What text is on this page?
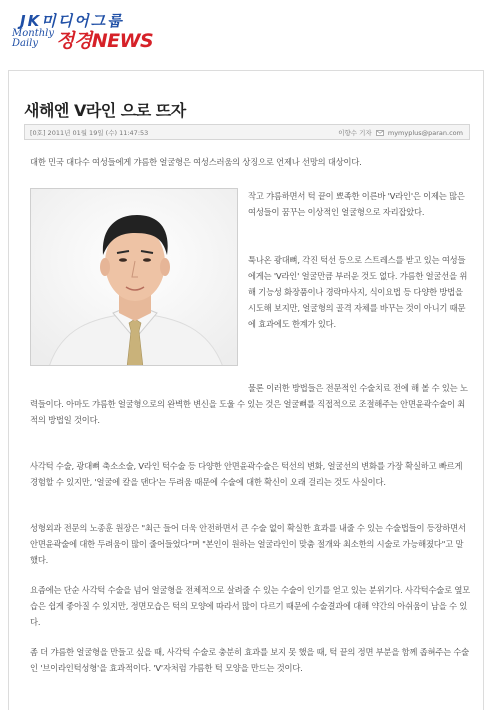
JK미디어그룹
Monthly
Daily 정경NEWS
새해엔 V라인 으로 뜨자
[0호] 2011년 01월 19일 (수) 11:47:53	이향수 기자 mymyplus@paran.com
대한 민국 대다수 여성들에게 갸름한 얼굴형은 여성스러움의 상징으로 언제나 선망의 대상이다.
작고 갸름하면서 턱 끝이 뾰족한 이른바 'V라인'은 이제는 많은 여성들이 꿈꾸는 이상적인 얼굴형으로 자리잡았다.
툭나온 광대뼈, 각진 턱선 등으로 스트레스를 받고 있는 여성들에게는 'V라인' 얼굴만큼 부러운 것도 없다. 갸름한 얼굴선을 위해 기능성 화장품이나 경락마사지, 식이요법 등 다양한 방법을 시도해 보지만, 얼굴형의 골격 자체를 바꾸는 것이 아니기 때문에 효과에도 한계가 있다.
물론 이러한 방법들은 전문적인 수술치료 전에 해 볼 수 있는 노력들이다. 아마도 갸름한 얼굴형으로의 완벽한 변신을 도울 수 있는 것은 얼굴뼈를 직접적으로 조절해주는 안면윤곽수술이 최적의 방법일 것이다.
사각턱 수술, 광대뼈 축소소술, V라인 턱수술 등 다양한 안면윤곽수술은 턱선의 변화, 얼굴선의 변화를 가장 확실하고 빠르게 경험할 수 있지만, '얼굴에 칼을 댄다'는 두려움 때문에 수술에 대한 확신이 오래 걸리는 것도 사실이다.
성형외과 전문의 노종훈 원장은 "최근 들어 더욱 안전하면서 큰 수술 없이 확실한 효과를 내줄 수 있는 수술법들이 등장하면서 안면윤곽술에 대한 두려움이 많이 줄어들었다"며 "본인이 원하는 얼굴라인이 맞춤 절개와 최소한의 시술로 가능해졌다"고 말했다.
요즘에는 단순 사각턱 수술을 넘어 얼굴형을 전체적으로 살려줄 수 있는 수술이 인기를 얻고 있는 분위기다. 사각턱수술로 옆모습은 쉽게 좋아질 수 있지만, 정면모습은 턱의 모양에 따라서 많이 다르기 때문에 수술결과에 대해 약간의 아쉬움이 남을 수 있다.
좀 더 갸름한 얼굴형을 만들고 싶을 때, 사각턱 수술로 충분히 효과를 보지 못 했을 때, 턱 끝의 정면 부분을 함께 좁혀주는 수술인 '브이라인턱성형'을 효과적이다. 'V'자처럼 갸름한 턱 모양을 만드는 것이다.
